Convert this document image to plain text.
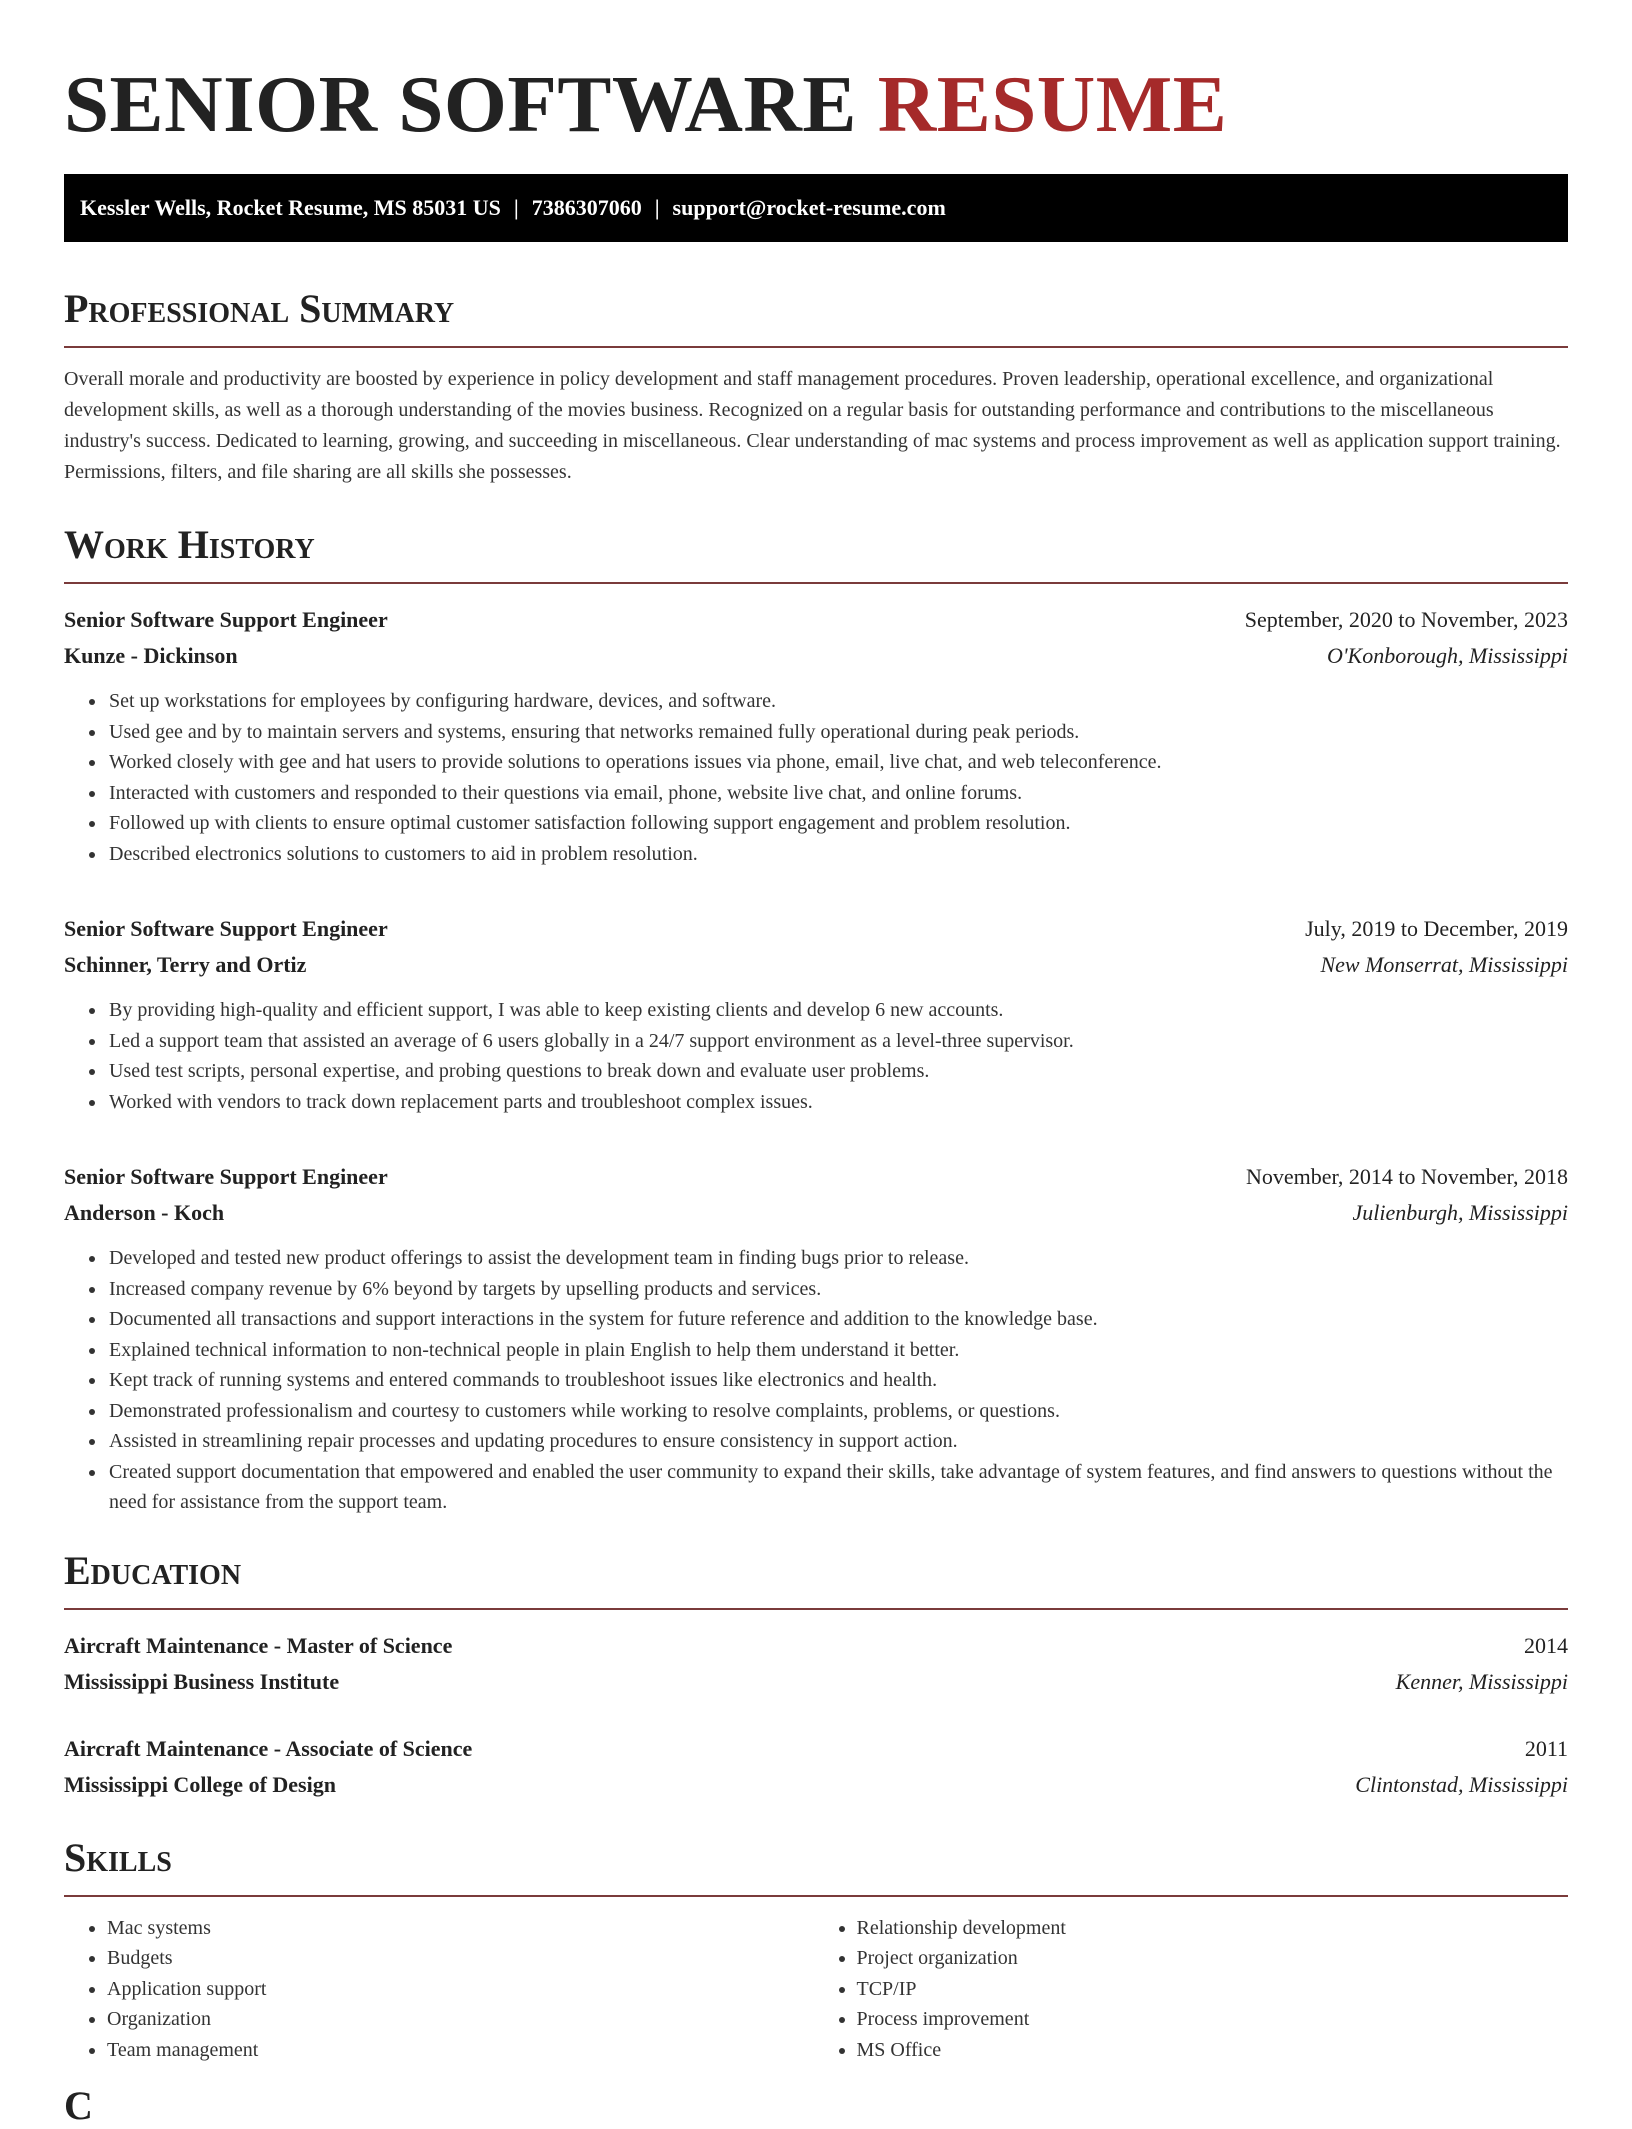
SENIOR SOFTWARE RESUME
Kessler Wells, Rocket Resume, MS 85031 US | 7386307060 | support@rocket-resume.com
Professional Summary

Overall morale and productivity are boosted by experience in policy development and staff management procedures. Proven leadership, operational excellence, and organizational development skills, as well as a thorough understanding of the movies business. Recognized on a regular basis for outstanding performance and contributions to the miscellaneous industry's success. Dedicated to learning, growing, and succeeding in miscellaneous. Clear understanding of mac systems and process improvement as well as application support training. Permissions, filters, and file sharing are all skills she possesses.

Work History
Senior Software Support Engineer	September, 2020 to November, 2023
Kunze - Dickinson	O'Konborough, Mississippi
• Set up workstations for employees by configuring hardware, devices, and software.
• Used gee and by to maintain servers and systems, ensuring that networks remained fully operational during peak periods.
• Worked closely with gee and hat users to provide solutions to operations issues via phone, email, live chat, and web teleconference.
• Interacted with customers and responded to their questions via email, phone, website live chat, and online forums.
• Followed up with clients to ensure optimal customer satisfaction following support engagement and problem resolution.
• Described electronics solutions to customers to aid in problem resolution.
Senior Software Support Engineer	July, 2019 to December, 2019
Schinner, Terry and Ortiz	New Monserrat, Mississippi
• By providing high-quality and efficient support, I was able to keep existing clients and develop 6 new accounts.
• Led a support team that assisted an average of 6 users globally in a 24/7 support environment as a level-three supervisor.
• Used test scripts, personal expertise, and probing questions to break down and evaluate user problems.
• Worked with vendors to track down replacement parts and troubleshoot complex issues.
Senior Software Support Engineer	November, 2014 to November, 2018
Anderson - Koch	Julienburgh, Mississippi
• Developed and tested new product offerings to assist the development team in finding bugs prior to release.
• Increased company revenue by 6% beyond by targets by upselling products and services.
• Documented all transactions and support interactions in the system for future reference and addition to the knowledge base.
• Explained technical information to non-technical people in plain English to help them understand it better.
• Kept track of running systems and entered commands to troubleshoot issues like electronics and health.
• Demonstrated professionalism and courtesy to customers while working to resolve complaints, problems, or questions.
• Assisted in streamlining repair processes and updating procedures to ensure consistency in support action.
• Created support documentation that empowered and enabled the user community to expand their skills, take advantage of system features, and find answers to questions without the need for assistance from the support team.
Education
Aircraft Maintenance - Master of Science	2014
Mississippi Business Institute	Kenner, Mississippi
Aircraft Maintenance - Associate of Science	2011
Mississippi College of Design	Clintonstad, Mississippi
Skills
• Mac systems
• Budgets
• Application support
• Organization
• Team management
• Relationship development
• Project organization
• TCP/IP
• Process improvement
• MS Office
C
